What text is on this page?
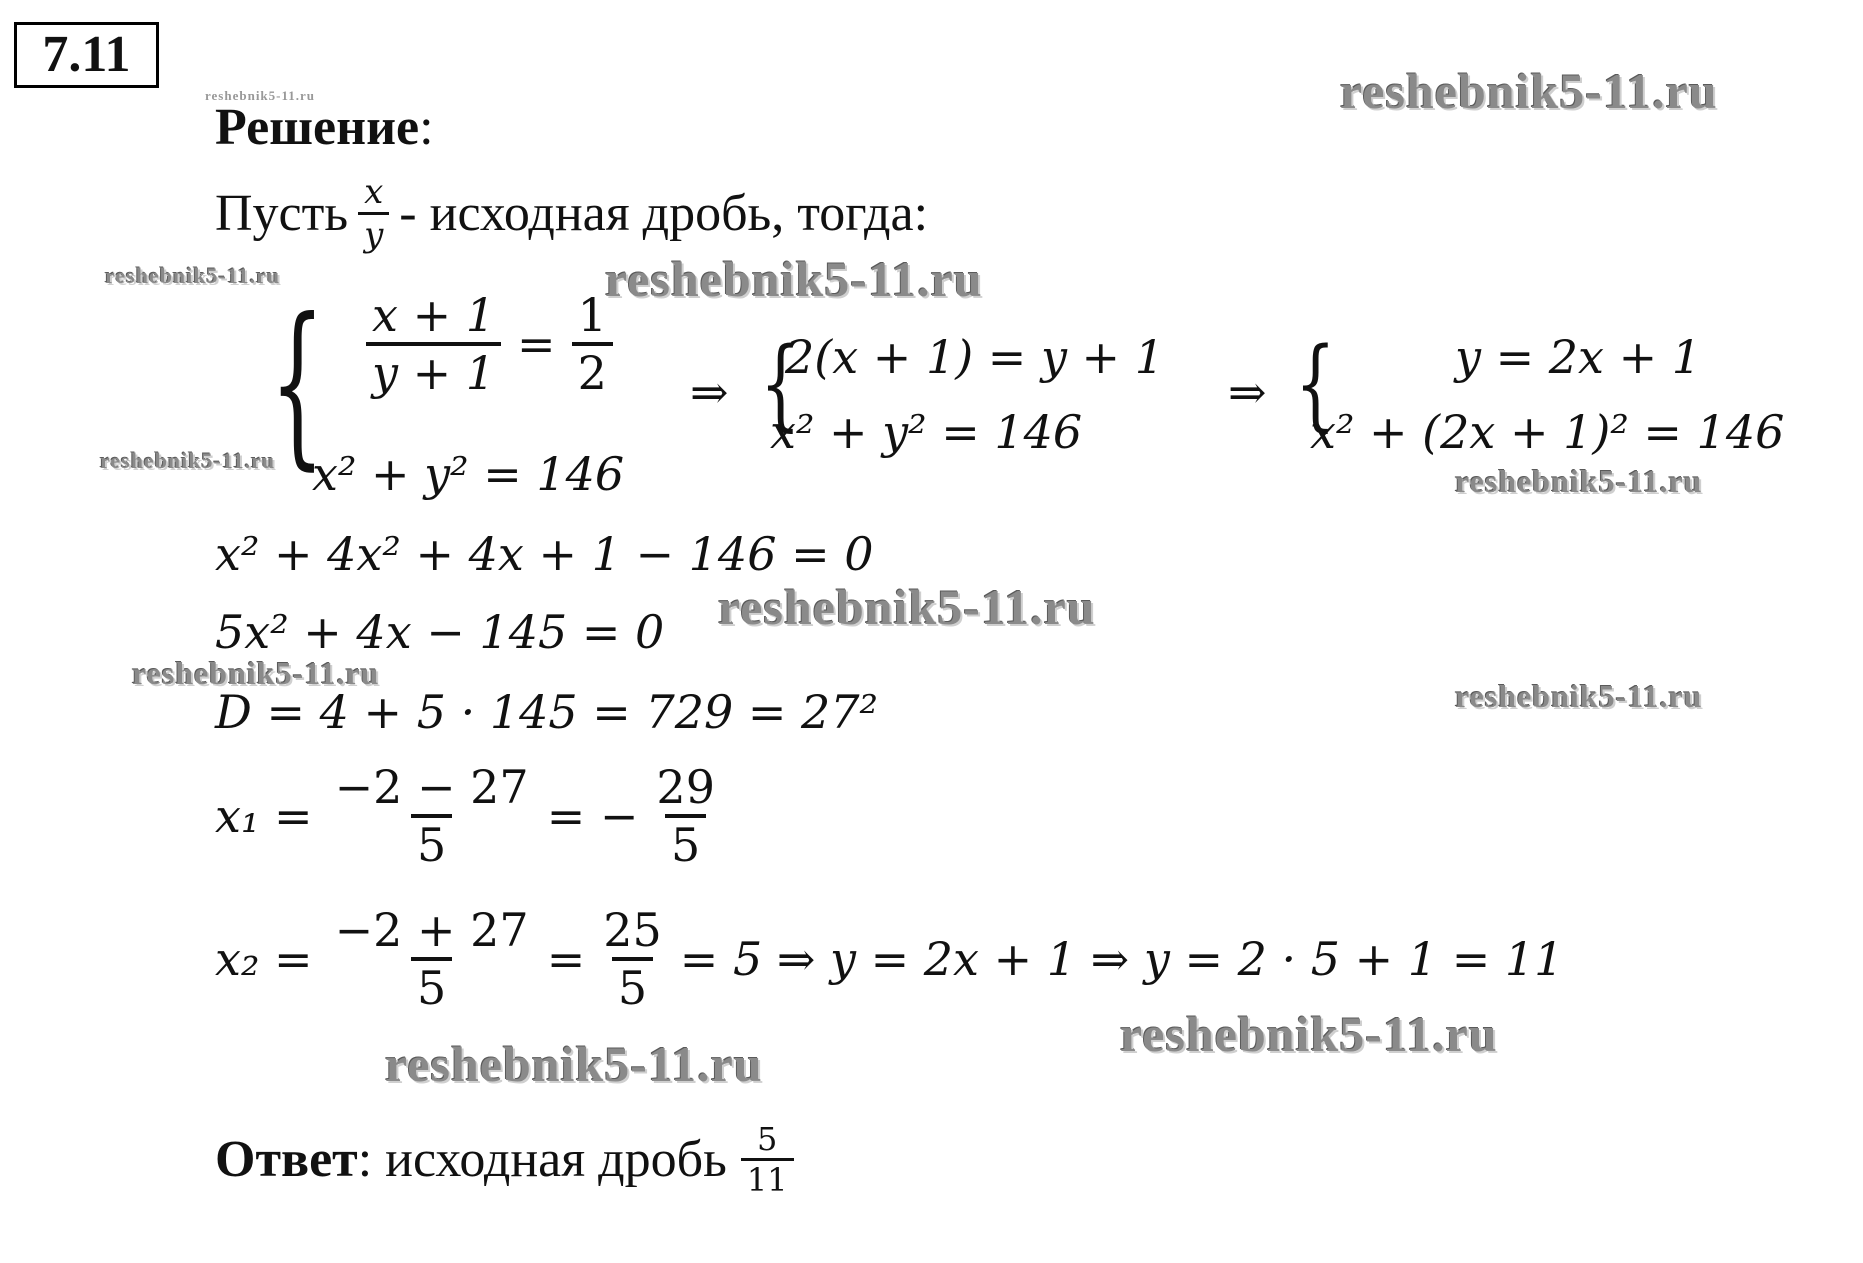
7.11
reshebnik5-11.ru	reshebnik5-11.ru
reshebnik5-11.ru	reshebnik5-11.ru
reshebnik5-11.ru
reshebnik5-11.ru
reshebnik5-11.ru
reshebnik5-11.ru
reshebnik5-11.ru
reshebnik5-11.ru
reshebnik5-11.ru
Решение:
Пусть $\frac{x}{y}$ - исходная дробь, тогда:
{ $\frac{x + 1}{y + 1} = \frac{1}{2}$
x² + y² = 146
⇒ {
2(x + 1) = y + 1
x² + y² = 146
⇒ {	y = 2x + 1
x² + (2x + 1)² = 146
x² + 4x² + 4x + 1 − 146 = 0
5x² + 4x − 145 = 0
D = 4 + 5 · 145 = 729 = 27²
$x_1 = \frac{-2 - 27}{5}$ = − $\frac{29}{5}$
$x_2 = \frac{-2 + 27}{5} = \frac{25}{5} = 5$ ⇒ y = 2x + 1 ⇒ y = 2 · 5 + 1 = 11
Ответ : исходная дробь $\frac{5}{11}$
